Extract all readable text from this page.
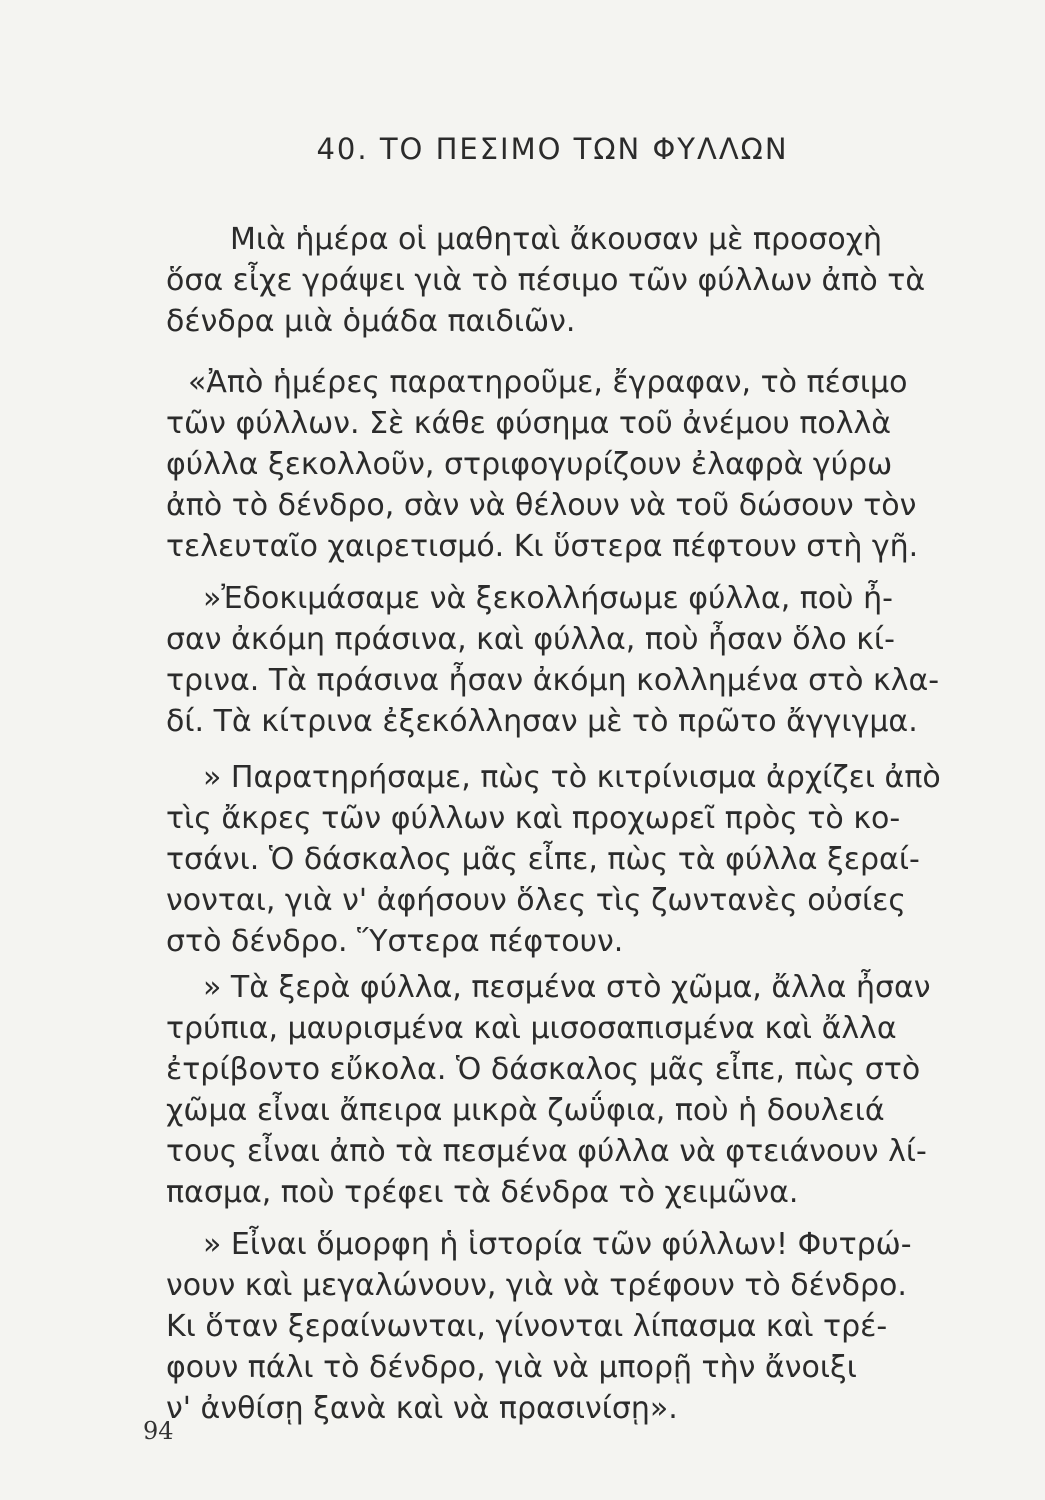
40. ΤΟ ΠΕΣΙΜΟ ΤΩΝ ΦΥΛΛΩΝ
Μιὰ ἡμέρα οἱ μαθηταὶ ἄκουσαν μὲ προσοχὴ
ὅσα εἶχε γράψει γιὰ τὸ πέσιμο τῶν φύλλων ἀπὸ τὰ
δένδρα μιὰ ὁμάδα παιδιῶν.
«Ἀπὸ ἡμέρες παρατηροῦμε, ἔγραφαν, τὸ πέσιμο
τῶν φύλλων. Σὲ κάθε φύσημα τοῦ ἀνέμου πολλὰ
φύλλα ξεκολλοῦν, στριφογυρίζουν ἐλαφρὰ γύρω
ἀπὸ τὸ δένδρο, σὰν νὰ θέλουν νὰ τοῦ δώσουν τὸν
τελευταῖο χαιρετισμό. Κι ὕστερα πέφτουν στὴ γῆ.
»Ἐδοκιμάσαμε νὰ ξεκολλήσωμε φύλλα, ποὺ ἦ-
σαν ἀκόμη πράσινα, καὶ φύλλα, ποὺ ἦσαν ὅλο κί-
τρινα. Τὰ πράσινα ἦσαν ἀκόμη κολλημένα στὸ κλα-
δί. Τὰ κίτρινα ἐξεκόλλησαν μὲ τὸ πρῶτο ἄγγιγμα.
» Παρατηρήσαμε, πὼς τὸ κιτρίνισμα ἀρχίζει ἀπὸ
τὶς ἄκρες τῶν φύλλων καὶ προχωρεῖ πρὸς τὸ κο-
τσάνι. Ὁ δάσκαλος μᾶς εἶπε, πὼς τὰ φύλλα ξεραί-
νονται, γιὰ ν' ἀφήσουν ὅλες τὶς ζωντανὲς οὐσίες
στὸ δένδρο. Ὕστερα πέφτουν.
» Τὰ ξερὰ φύλλα, πεσμένα στὸ χῶμα, ἄλλα ἦσαν
τρύπια, μαυρισμένα καὶ μισοσαπισμένα καὶ ἄλλα
ἐτρίβοντο εὔκολα. Ὁ δάσκαλος μᾶς εἶπε, πὼς στὸ
χῶμα εἶναι ἄπειρα μικρὰ ζωΰφια, ποὺ ἡ δουλειά
τους εἶναι ἀπὸ τὰ πεσμένα φύλλα νὰ φτειάνουν λί-
πασμα, ποὺ τρέφει τὰ δένδρα τὸ χειμῶνα.
» Εἶναι ὅμορφη ἡ ἱστορία τῶν φύλλων! Φυτρώ-
νουν καὶ μεγαλώνουν, γιὰ νὰ τρέφουν τὸ δένδρο.
Κι ὅταν ξεραίνωνται, γίνονται λίπασμα καὶ τρέ-
φουν πάλι τὸ δένδρο, γιὰ νὰ μπορῇ τὴν ἄνοιξι
ν' ἀνθίσῃ ξανὰ καὶ νὰ πρασινίσῃ».
94
